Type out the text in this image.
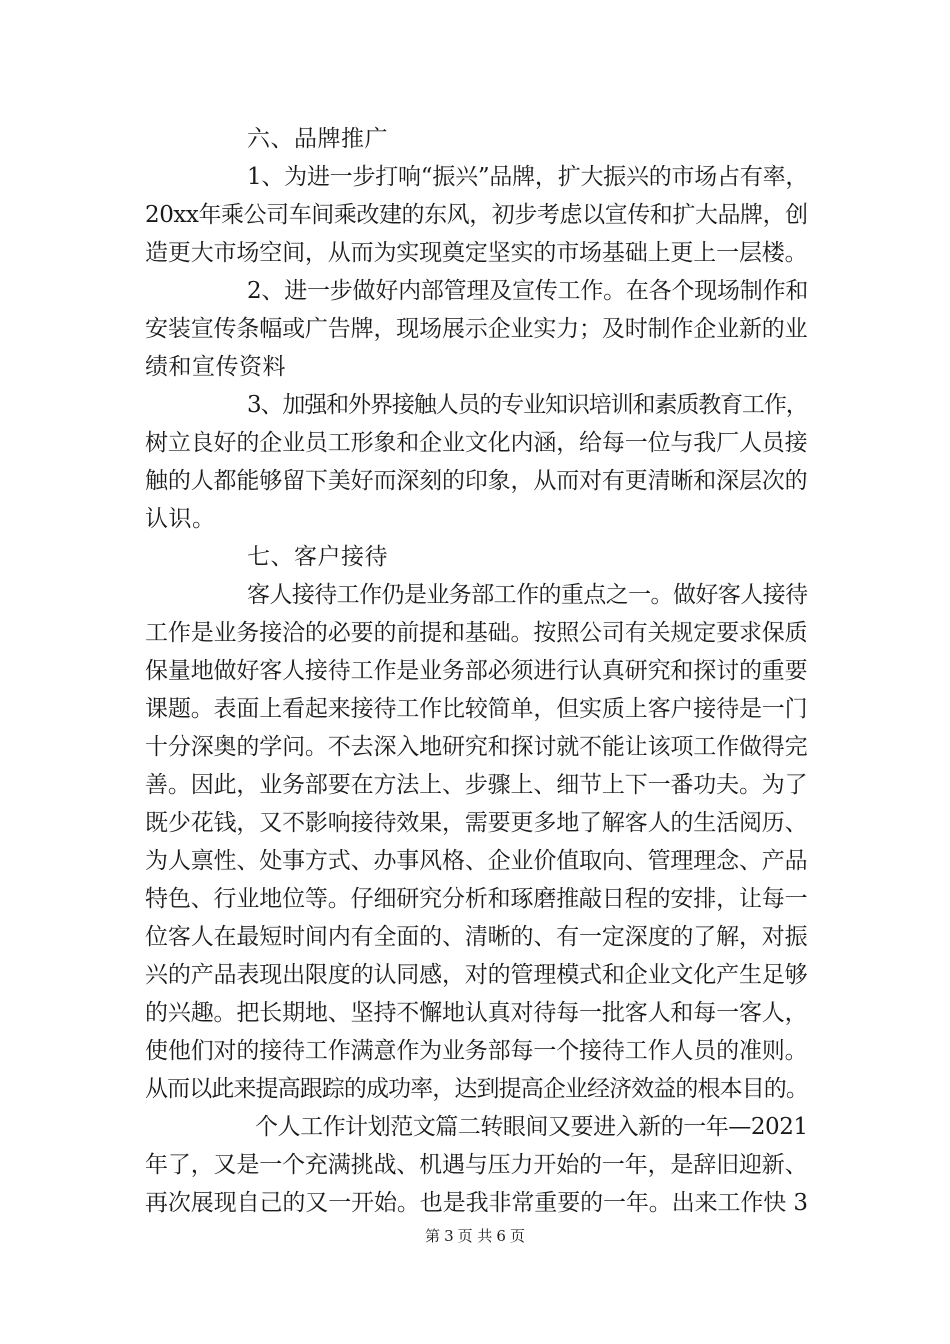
六、品牌推广
1、为进一步打响“振兴”品牌，扩大振兴的市场占有率，
20xx年乘公司车间乘改建的东风，初步考虑以宣传和扩大品牌，创
造更大市场空间，从而为实现奠定坚实的市场基础上更上一层楼。
2、进一步做好内部管理及宣传工作。在各个现场制作和
安装宣传条幅或广告牌，现场展示企业实力；及时制作企业新的业
绩和宣传资料
3、加强和外界接触人员的专业知识培训和素质教育工作，
树立良好的企业员工形象和企业文化内涵，给每一位与我厂人员接
触的人都能够留下美好而深刻的印象，从而对有更清晰和深层次的
认识。
七、客户接待
客人接待工作仍是业务部工作的重点之一。做好客人接待
工作是业务接洽的必要的前提和基础。按照公司有关规定要求保质
保量地做好客人接待工作是业务部必须进行认真研究和探讨的重要
课题。表面上看起来接待工作比较简单，但实质上客户接待是一门
十分深奥的学问。不去深入地研究和探讨就不能让该项工作做得完
善。因此，业务部要在方法上、步骤上、细节上下一番功夫。为了
既少花钱，又不影响接待效果，需要更多地了解客人的生活阅历、
为人禀性、处事方式、办事风格、企业价值取向、管理理念、产品
特色、行业地位等。仔细研究分析和琢磨推敲日程的安排，让每一
位客人在最短时间内有全面的、清晰的、有一定深度的了解，对振
兴的产品表现出限度的认同感，对的管理模式和企业文化产生足够
的兴趣。把长期地、坚持不懈地认真对待每一批客人和每一客人，
使他们对的接待工作满意作为业务部每一个接待工作人员的准则。
从而以此来提高跟踪的成功率，达到提高企业经济效益的根本目的。
个人工作计划范文篇二转眼间又要进入新的一年—2021
年了，又是一个充满挑战、机遇与压力开始的一年，是辞旧迎新、
再次展现自己的又一开始。也是我非常重要的一年。出来工作快 3
第 3 页 共 6 页
